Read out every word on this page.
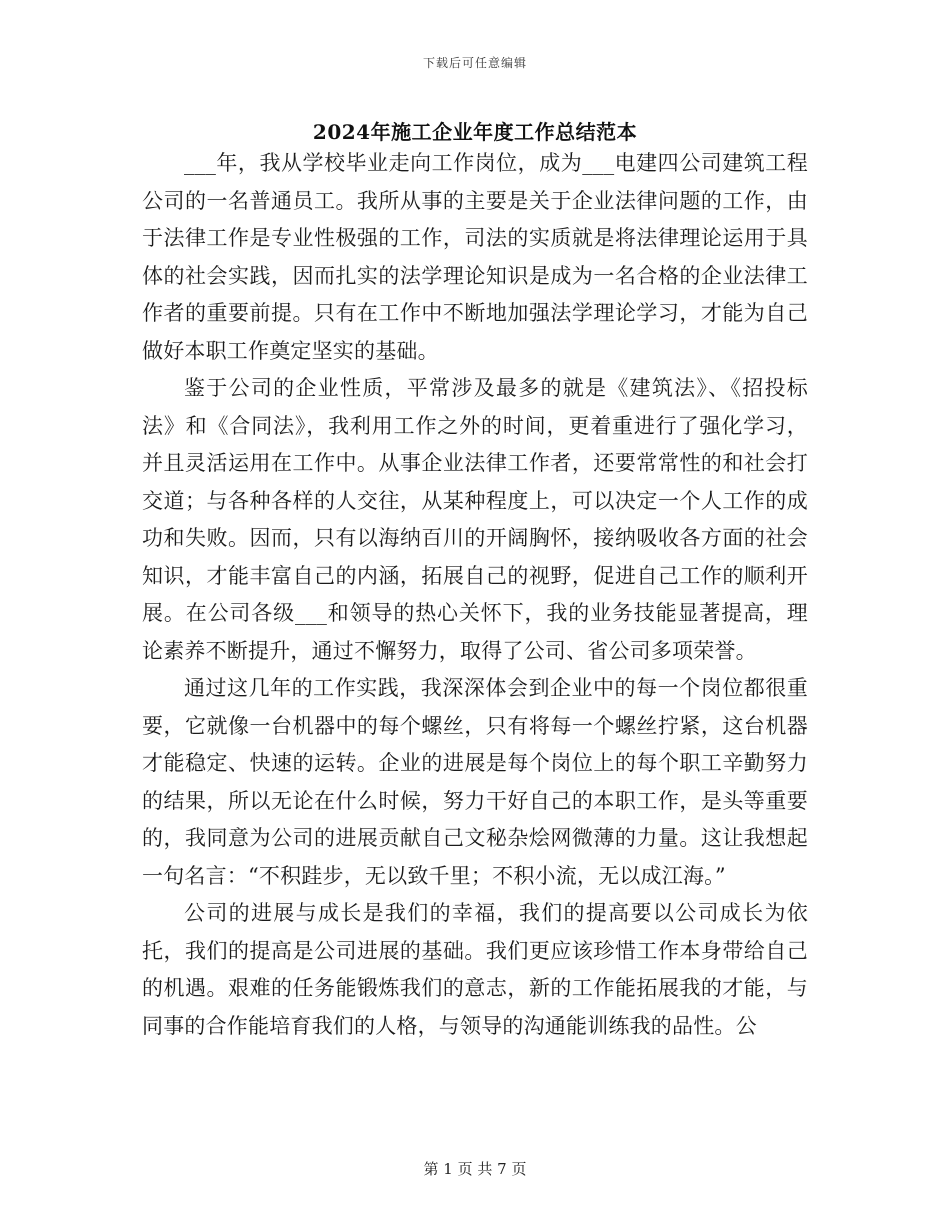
下载后可任意编辑
2024年施工企业年度工作总结范本

___年，我从学校毕业走向工作岗位，成为___电建四公司建筑工程公司的一名普通员工。我所从事的主要是关于企业法律问题的工作，由于法律工作是专业性极强的工作，司法的实质就是将法律理论运用于具体的社会实践，因而扎实的法学理论知识是成为一名合格的企业法律工作者的重要前提。只有在工作中不断地加强法学理论学习，才能为自己做好本职工作奠定坚实的基础。

鉴于公司的企业性质，平常涉及最多的就是《建筑法》、《招投标法》和《合同法》，我利用工作之外的时间，更着重进行了强化学习，并且灵活运用在工作中。从事企业法律工作者，还要常常性的和社会打交道；与各种各样的人交往，从某种程度上，可以决定一个人工作的成功和失败。因而，只有以海纳百川的开阔胸怀，接纳吸收各方面的社会知识，才能丰富自己的内涵，拓展自己的视野，促进自己工作的顺利开展。在公司各级___和领导的热心关怀下，我的业务技能显著提高，理论素养不断提升，通过不懈努力，取得了公司、省公司多项荣誉。

通过这几年的工作实践，我深深体会到企业中的每一个岗位都很重要，它就像一台机器中的每个螺丝，只有将每一个螺丝拧紧，这台机器才能稳定、快速的运转。企业的进展是每个岗位上的每个职工辛勤努力的结果，所以无论在什么时候，努力干好自己的本职工作，是头等重要的，我同意为公司的进展贡献自己文秘杂烩网微薄的力量。这让我想起一句名言：“不积跬步，无以致千里；不积小流，无以成江海。”

公司的进展与成长是我们的幸福，我们的提高要以公司成长为依托，我们的提高是公司进展的基础。我们更应该珍惜工作本身带给自己的机遇。艰难的任务能锻炼我们的意志，新的工作能拓展我的才能，与同事的合作能培育我们的人格，与领导的沟通能训练我的品性。公

第 1 页 共 7 页
